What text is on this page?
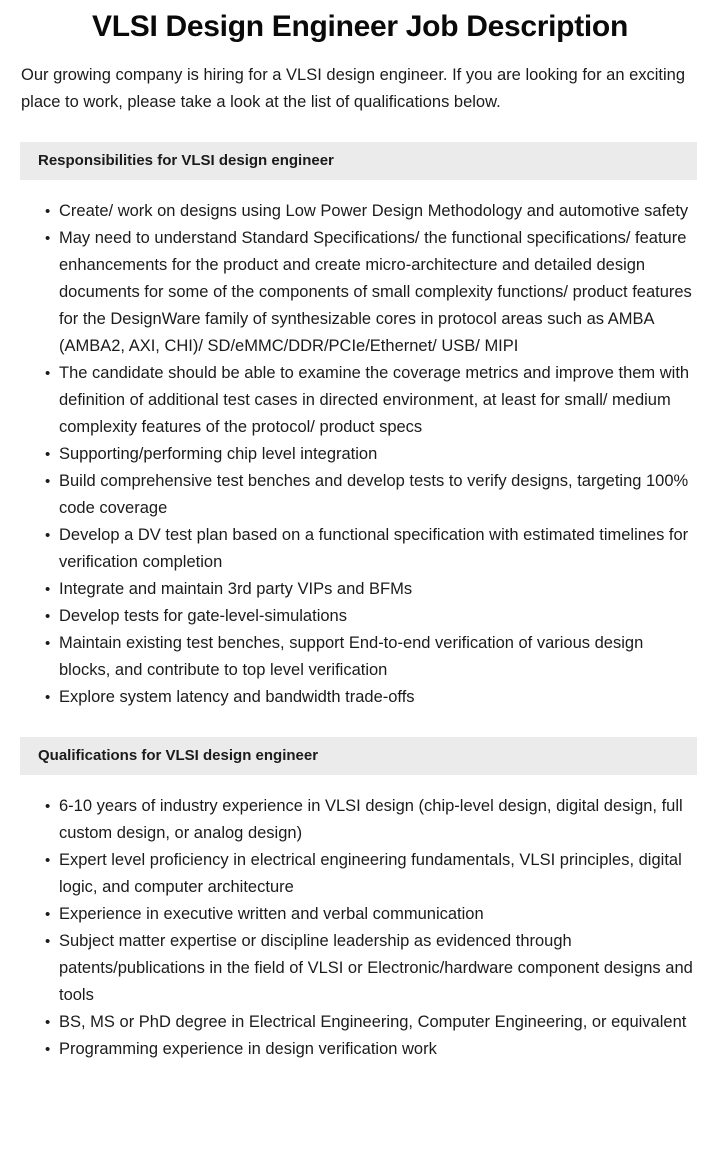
VLSI Design Engineer Job Description

Our growing company is hiring for a VLSI design engineer. If you are looking for an exciting place to work, please take a look at the list of qualifications below.

Responsibilities for VLSI design engineer
• Create/ work on designs using Low Power Design Methodology and automotive safety
• May need to understand Standard Specifications/ the functional specifications/ feature enhancements for the product and create micro-architecture and detailed design documents for some of the components of small complexity functions/ product features for the DesignWare family of synthesizable cores in protocol areas such as AMBA (AMBA2, AXI, CHI)/ SD/eMMC/DDR/PCIe/Ethernet/ USB/ MIPI
• The candidate should be able to examine the coverage metrics and improve them with definition of additional test cases in directed environment, at least for small/ medium complexity features of the protocol/ product specs
• Supporting/performing chip level integration
• Build comprehensive test benches and develop tests to verify designs, targeting 100% code coverage
• Develop a DV test plan based on a functional specification with estimated timelines for verification completion
• Integrate and maintain 3rd party VIPs and BFMs
• Develop tests for gate-level-simulations
• Maintain existing test benches, support End-to-end verification of various design blocks, and contribute to top level verification
• Explore system latency and bandwidth trade-offs
Qualifications for VLSI design engineer
• 6-10 years of industry experience in VLSI design (chip-level design, digital design, full custom design, or analog design)
• Expert level proficiency in electrical engineering fundamentals, VLSI principles, digital logic, and computer architecture
• Experience in executive written and verbal communication
• Subject matter expertise or discipline leadership as evidenced through patents/publications in the field of VLSI or Electronic/hardware component designs and tools
• BS, MS or PhD degree in Electrical Engineering, Computer Engineering, or equivalent
• Programming experience in design verification work
